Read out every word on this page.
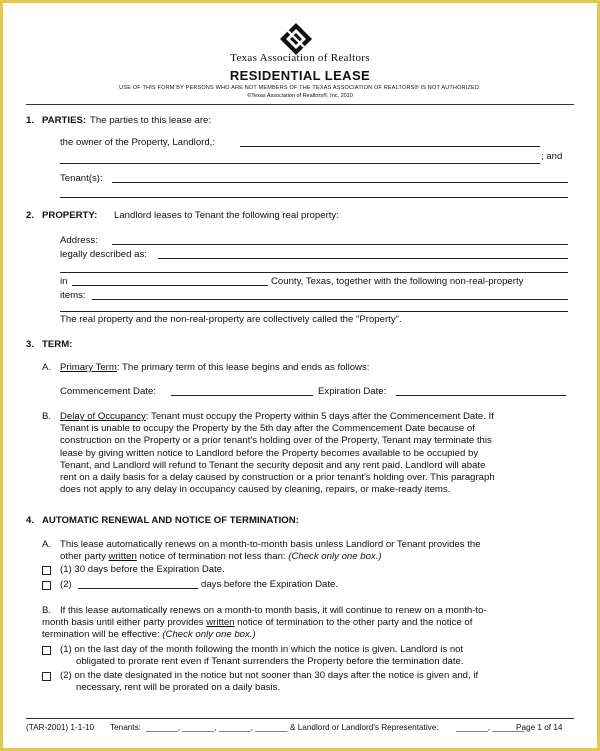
Texas Association of Realtors
RESIDENTIAL LEASE
USE OF THIS FORM BY PERSONS WHO ARE NOT MEMBERS OF THE TEXAS ASSOCIATION OF REALTORS® IS NOT AUTHORIZED.
©Texas Association of Realtors®, Inc. 2010
1. PARTIES: The parties to this lease are:
the owner of the Property, Landlord,:
; and
Tenant(s):
2. PROPERTY: Landlord leases to Tenant the following real property:
Address:
legally described as:
in	County, Texas, together with the following non-real-property
items:
The real property and the non-real-property are collectively called the "Property".
3. TERM:
A. Primary Term: The primary term of this lease begins and ends as follows:
Commencement Date:	Expiration Date:
B. Delay of Occupancy: Tenant must occupy the Property within 5 days after the Commencement Date. If
Tenant is unable to occupy the Property by the 5th day after the Commencement Date because of
construction on the Property or a prior tenant's holding over of the Property, Tenant may terminate this
lease by giving written notice to Landlord before the Property becomes available to be occupied by
Tenant, and Landlord will refund to Tenant the security deposit and any rent paid. Landlord will abate
rent on a daily basis for a delay caused by construction or a prior tenant's holding over. This paragraph
does not apply to any delay in occupancy caused by cleaning, repairs, or make-ready items.
4. AUTOMATIC RENEWAL AND NOTICE OF TERMINATION:
A. This lease automatically renews on a month-to-month basis unless Landlord or Tenant provides the
other party written notice of termination not less than: (Check only one box.)
(1) 30 days before the Expiration Date.
(2)	days before the Expiration Date.
B. If this lease automatically renews on a month-to month basis, it will continue to renew on a month-to-
month basis until either party provides written notice of termination to the other party and the notice of
termination will be effective: (Check only one box.)
(1) on the last day of the month following the month in which the notice is given. Landlord is not
obligated to prorate rent even if Tenant surrenders the Property before the termination date.
(2) on the date designated in the notice but not sooner than 30 days after the notice is given and, if
necessary, rent will be prorated on a daily basis.
(TAR-2001) 1-1-10 Tenants: _______, _______, _______, _______ & Landlord or Landlord's Representative: _______, _______
Page 1 of 14
